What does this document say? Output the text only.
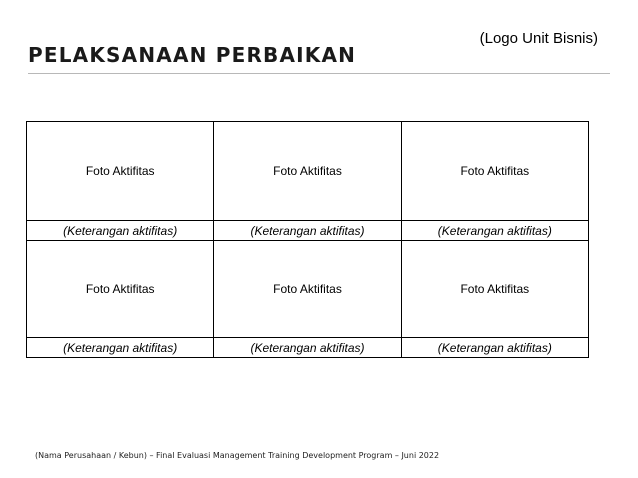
(Logo Unit Bisnis)
PELAKSANAAN PERBAIKAN
Foto Aktifitas	Foto Aktifitas	Foto Aktifitas
(Keterangan aktifitas)	(Keterangan aktifitas)	(Keterangan aktifitas)
Foto Aktifitas	Foto Aktifitas	Foto Aktifitas
(Keterangan aktifitas)	(Keterangan aktifitas)	(Keterangan aktifitas)
(Nama Perusahaan / Kebun) – Final Evaluasi Management Training Development Program – Juni 2022
